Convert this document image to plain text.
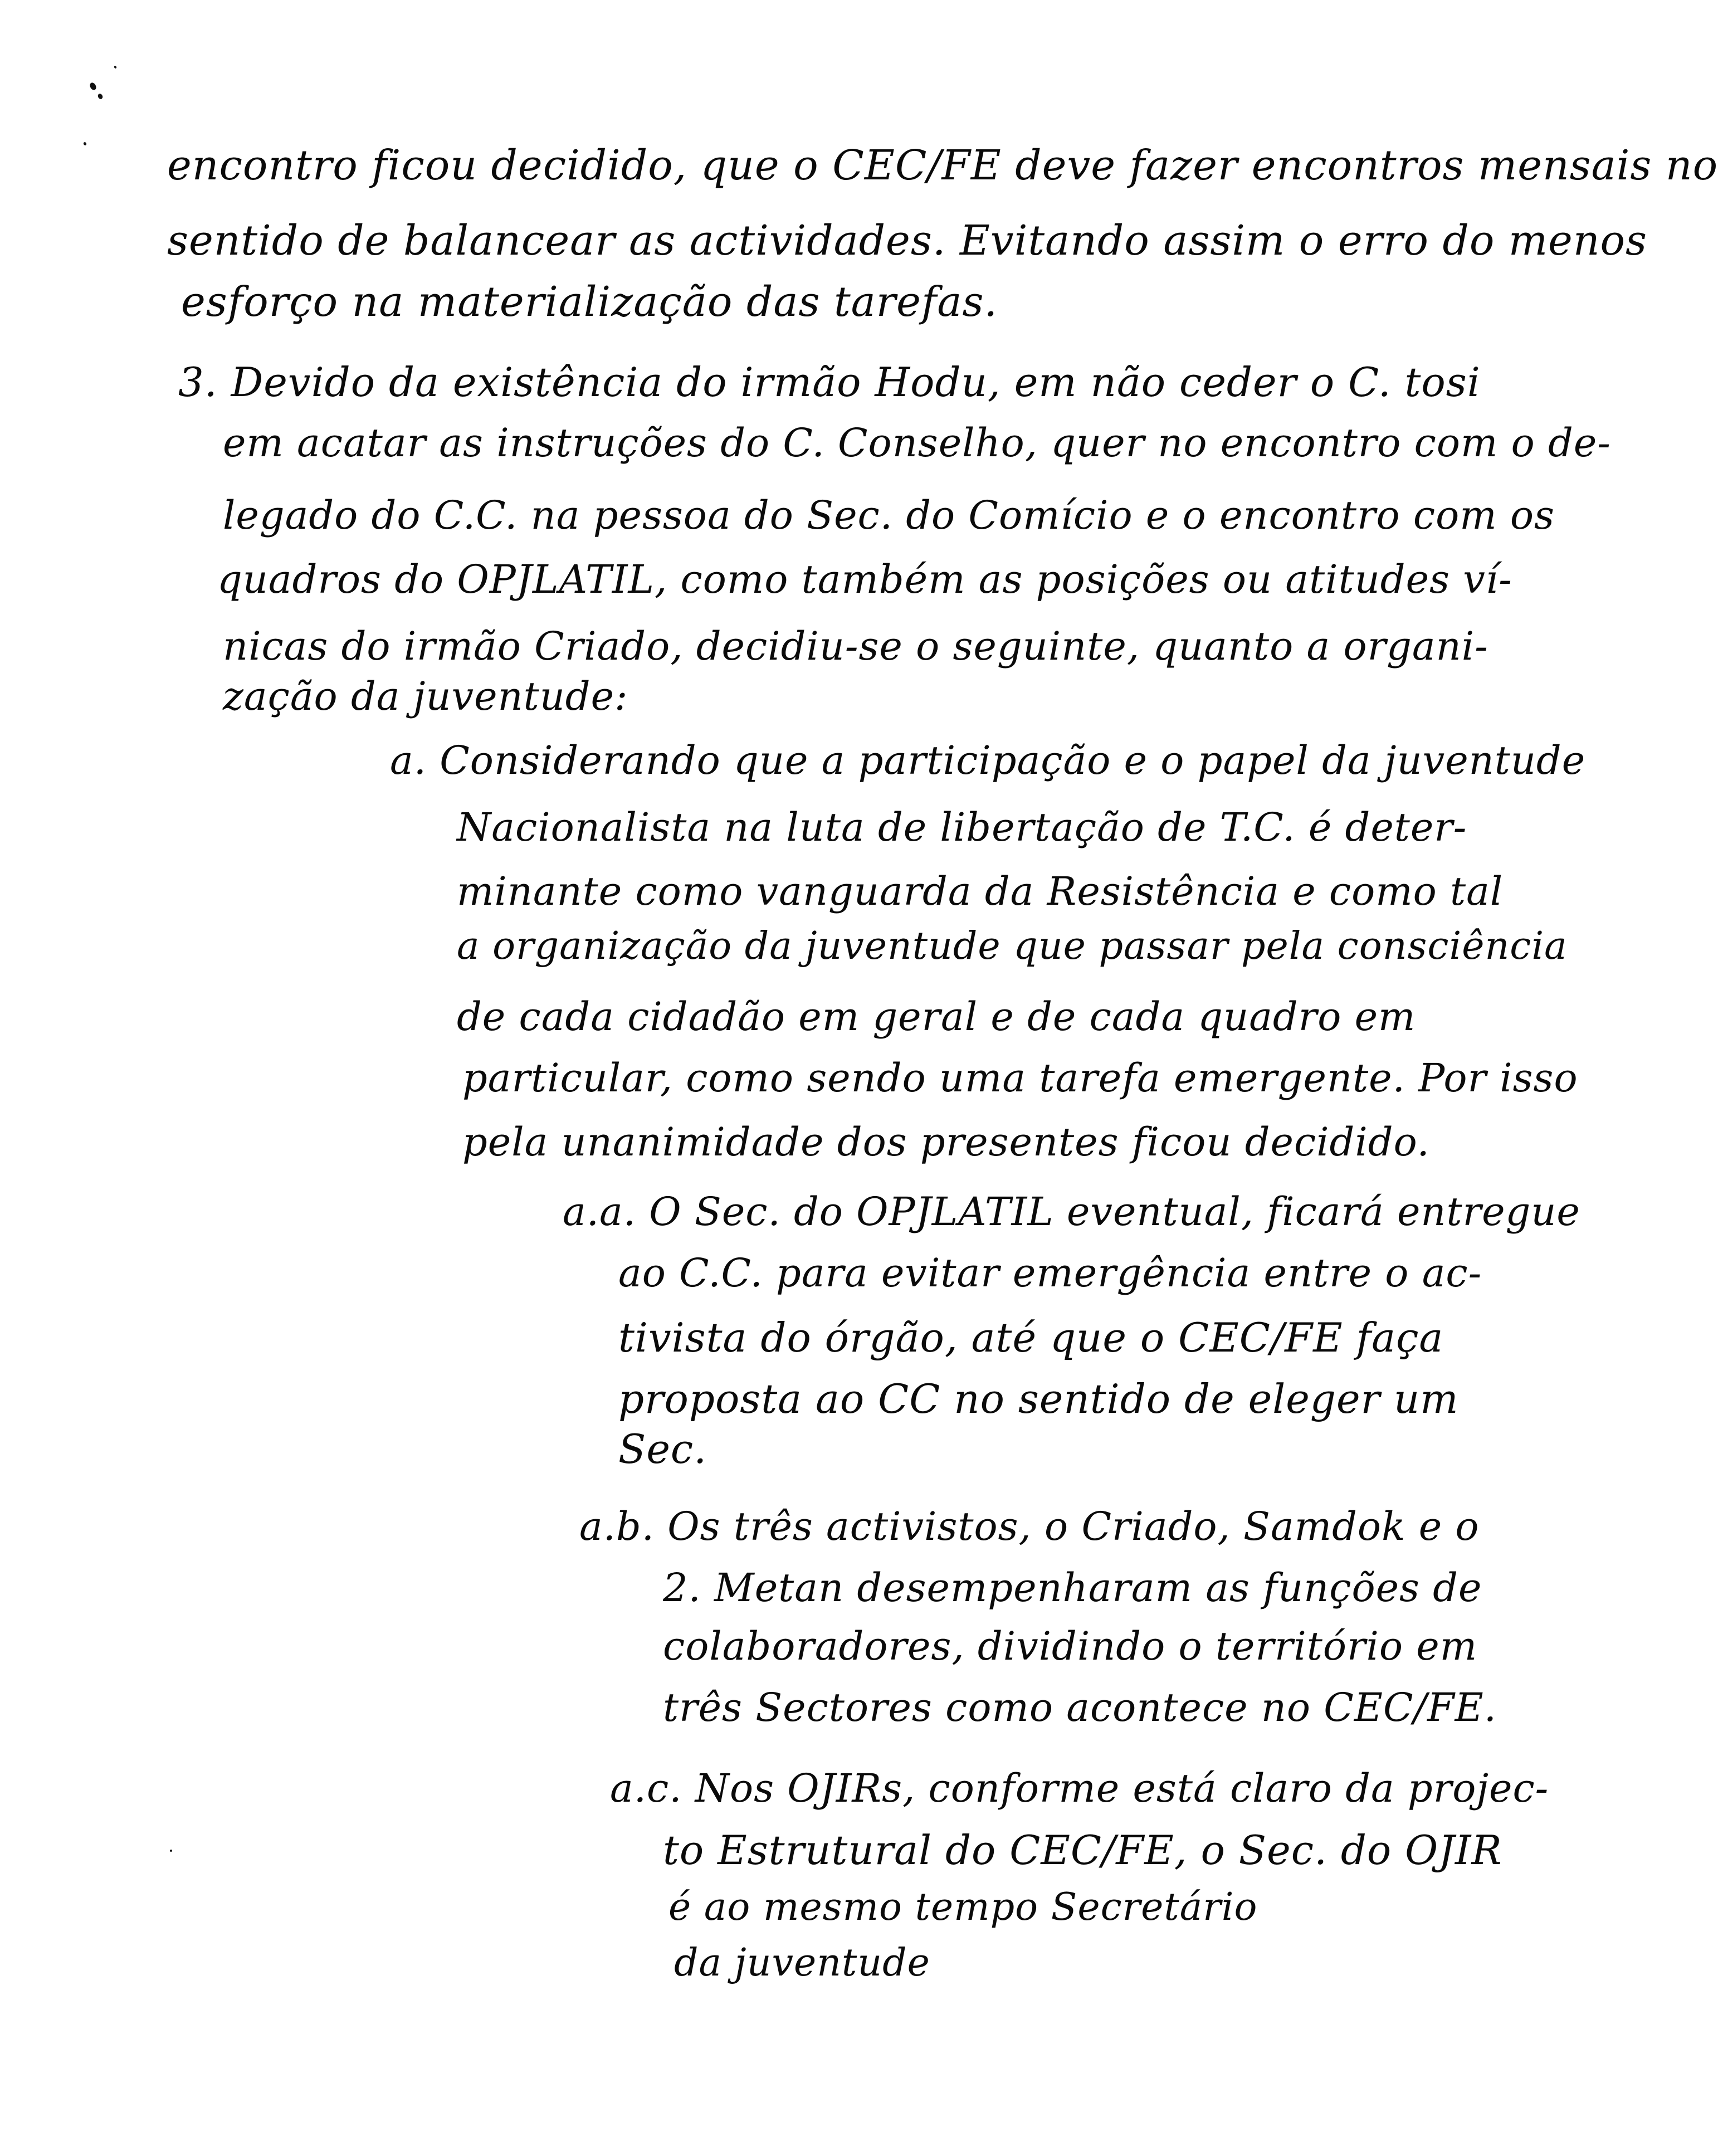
encontro ficou decidido, que o CEC/FE deve fazer encontros mensais no
sentido de balancear as actividades. Evitando assim o erro do menos
esforço na materialização das tarefas.
3. Devido da existência do irmão Hodu, em não ceder o C. tosi
em acatar as instruções do C. Conselho, quer no encontro com o de-
legado do C.C. na pessoa do Sec. do Comício e o encontro com os
quadros do OPJLATIL, como também as posições ou atitudes ví-
nicas do irmão Criado, decidiu-se o seguinte, quanto a organi-
zação da juventude:
a. Considerando que a participação e o papel da juventude
Nacionalista na luta de libertação de T.C. é deter-
minante como vanguarda da Resistência e como tal
a organização da juventude que passar pela consciência
de cada cidadão em geral e de cada quadro em
particular, como sendo uma tarefa emergente. Por isso
pela unanimidade dos presentes ficou decidido.
a.a. O Sec. do OPJLATIL eventual, ficará entregue
ao C.C. para evitar emergência entre o ac-
tivista do órgão, até que o CEC/FE faça
proposta ao CC no sentido de eleger um
Sec.
a.b. Os três activistos, o Criado, Samdok e o
2. Metan desempenharam as funções de
colaboradores, dividindo o território em
três Sectores como acontece no CEC/FE.
a.c. Nos OJIRs, conforme está claro da projec-
to Estrutural do CEC/FE, o Sec. do OJIR
é ao mesmo tempo Secretário
da juventude
